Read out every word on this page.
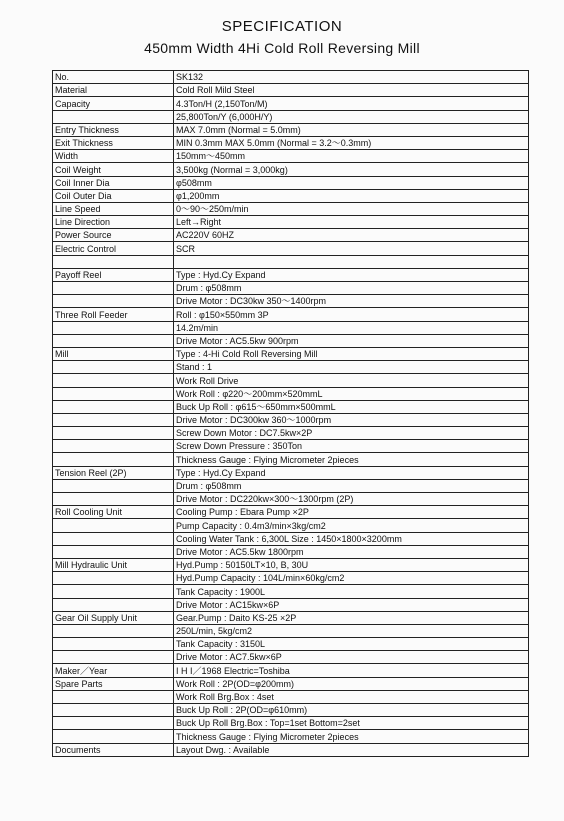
SPECIFICATION
450mm Width 4Hi Cold Roll Reversing Mill
No.	SK132
Material	Cold Roll Mild Steel
Capacity	4.3Ton/H (2,150Ton/M)
	25,800Ton/Y (6,000H/Y)
Entry Thickness	MAX 7.0mm (Normal = 5.0mm)
Exit Thickness	MIN 0.3mm MAX 5.0mm (Normal = 3.2～0.3mm)
Width	150mm～450mm
Coil Weight	3,500kg (Normal = 3,000kg)
Coil Inner Dia	φ508mm
Coil Outer Dia	φ1,200mm
Line Speed	0～90～250m/min
Line Direction	Left→Right
Power Source	AC220V 60HZ
Electric Control	SCR

Payoff Reel	Type : Hyd.Cy Expand
	Drum : φ508mm
	Drive Motor : DC30kw 350～1400rpm
Three Roll Feeder	Roll : φ150×550mm 3P
	14.2m/min
	Drive Motor : AC5.5kw 900rpm
Mill	Type : 4-Hi Cold Roll Reversing Mill
	Stand : 1
	Work Roll Drive
	Work Roll : φ220～200mm×520mmL
	Buck Up Roll : φ615～650mm×500mmL
	Drive Motor : DC300kw 360～1000rpm
	Screw Down Motor : DC7.5kw×2P
	Screw Down Pressure : 350Ton
	Thickness Gauge : Flying Micrometer 2pieces
Tension Reel (2P)	Type : Hyd.Cy Expand
	Drum : φ508mm
	Drive Motor : DC220kw×300～1300rpm (2P)
Roll Cooling Unit	Cooling Pump : Ebara Pump ×2P
	Pump Capacity : 0.4m3/min×3kg/cm2
	Cooling Water Tank : 6,300L Size : 1450×1800×3200mm
	Drive Motor : AC5.5kw 1800rpm
Mill Hydraulic Unit	Hyd.Pump : 50150LT×10, B, 30U
	Hyd.Pump Capacity : 104L/min×60kg/cm2
	Tank Capacity : 1900L
	Drive Motor : AC15kw×6P
Gear Oil Supply Unit	Gear.Pump : Daito KS-25 ×2P
	250L/min, 5kg/cm2
	Tank Capacity : 3150L
	Drive Motor : AC7.5kw×6P
Maker／Year	I H I／1968 Electric=Toshiba
Spare Parts	Work Roll : 2P(OD=φ200mm)
	Work Roll Brg.Box : 4set
	Buck Up Roll : 2P(OD=φ610mm)
	Buck Up Roll Brg.Box : Top=1set Bottom=2set
	Thickness Gauge : Flying Micrometer 2pieces
Documents	Layout Dwg. : Available
